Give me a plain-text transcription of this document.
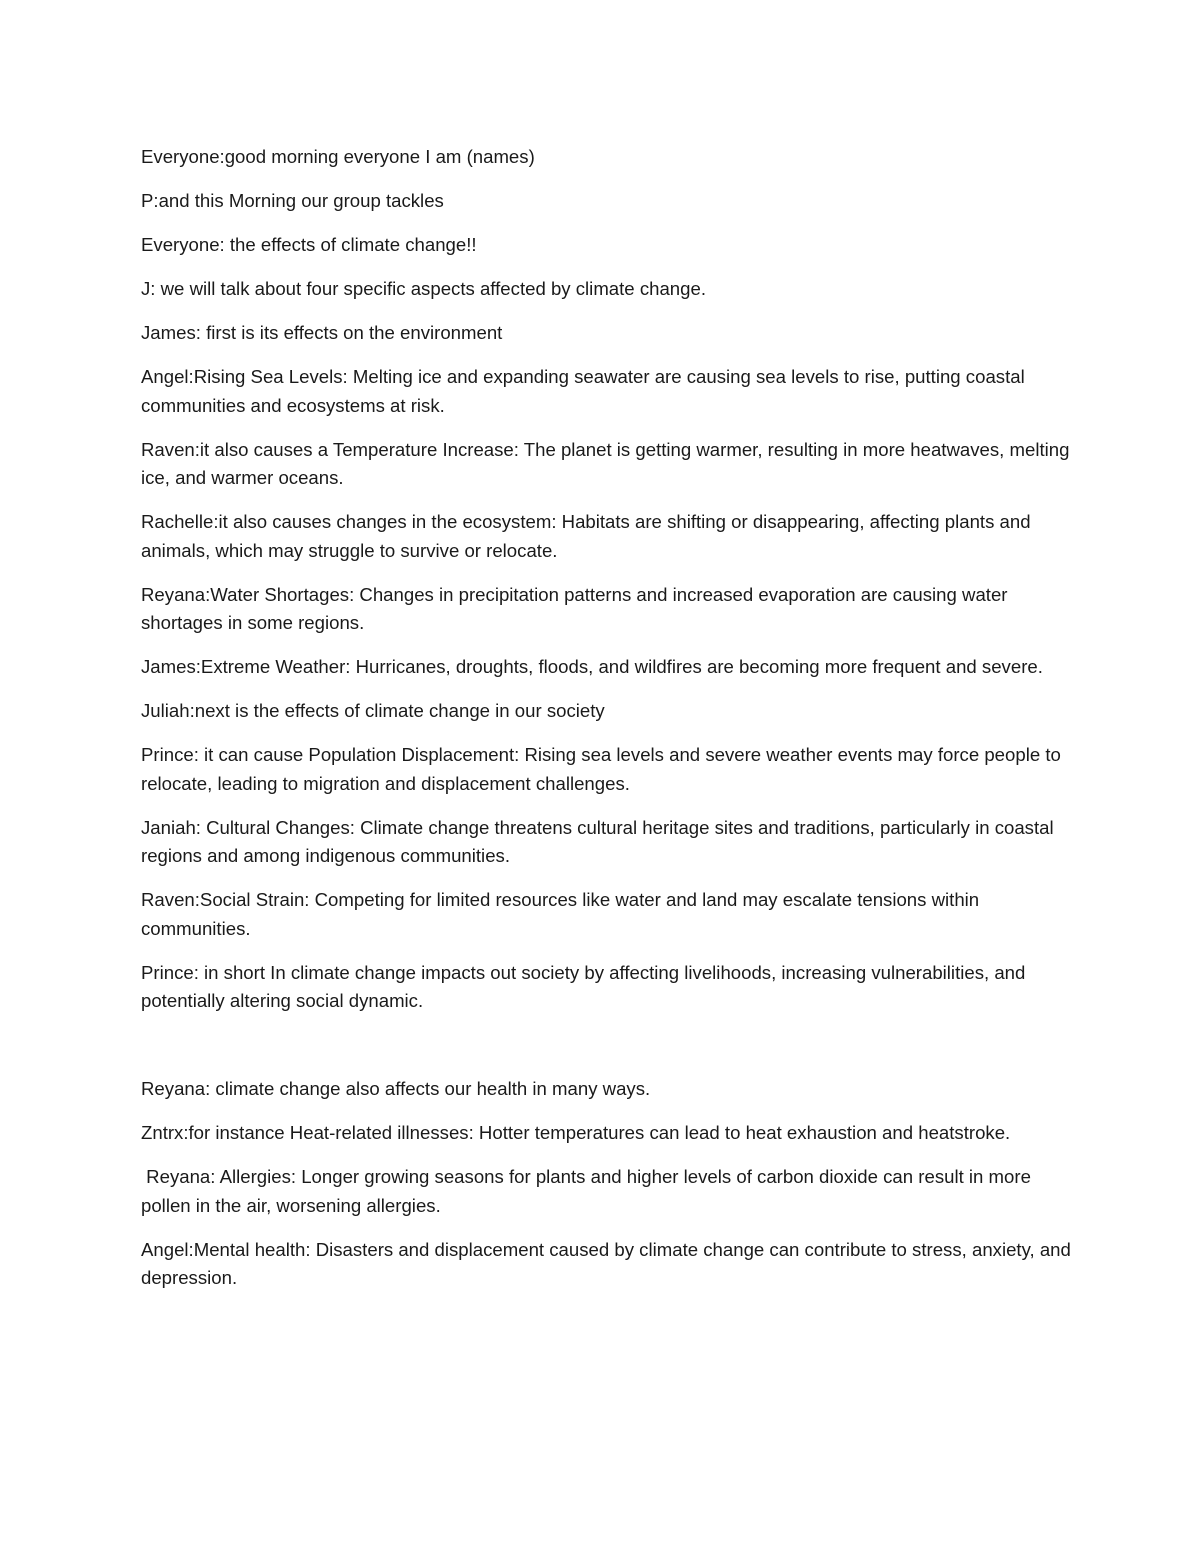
Everyone:good morning everyone I am (names)

P:and this Morning our group tackles

Everyone: the effects of climate change!!

J: we will talk about four specific aspects affected by climate change.

James: first is its effects on the environment

Angel:Rising Sea Levels: Melting ice and expanding seawater are causing sea levels to rise, putting coastal communities and ecosystems at risk.

Raven:it also causes a Temperature Increase: The planet is getting warmer, resulting in more heatwaves, melting ice, and warmer oceans.

Rachelle:it also causes changes in the ecosystem: Habitats are shifting or disappearing, affecting plants and animals, which may struggle to survive or relocate.

Reyana:Water Shortages: Changes in precipitation patterns and increased evaporation are causing water shortages in some regions.

James:Extreme Weather: Hurricanes, droughts, floods, and wildfires are becoming more frequent and severe.

Juliah:next is the effects of climate change in our society

Prince: it can cause Population Displacement: Rising sea levels and severe weather events may force people to relocate, leading to migration and displacement challenges.

Janiah: Cultural Changes: Climate change threatens cultural heritage sites and traditions, particularly in coastal regions and among indigenous communities.

Raven:Social Strain: Competing for limited resources like water and land may escalate tensions within communities.

Prince: in short In climate change impacts out society by affecting livelihoods, increasing vulnerabilities, and potentially altering social dynamic.

Reyana: climate change also affects our health in many ways.

Zntrx:for instance Heat-related illnesses: Hotter temperatures can lead to heat exhaustion and heatstroke.

Reyana: Allergies: Longer growing seasons for plants and higher levels of carbon dioxide can result in more pollen in the air, worsening allergies.

Angel:Mental health: Disasters and displacement caused by climate change can contribute to stress, anxiety, and depression.
